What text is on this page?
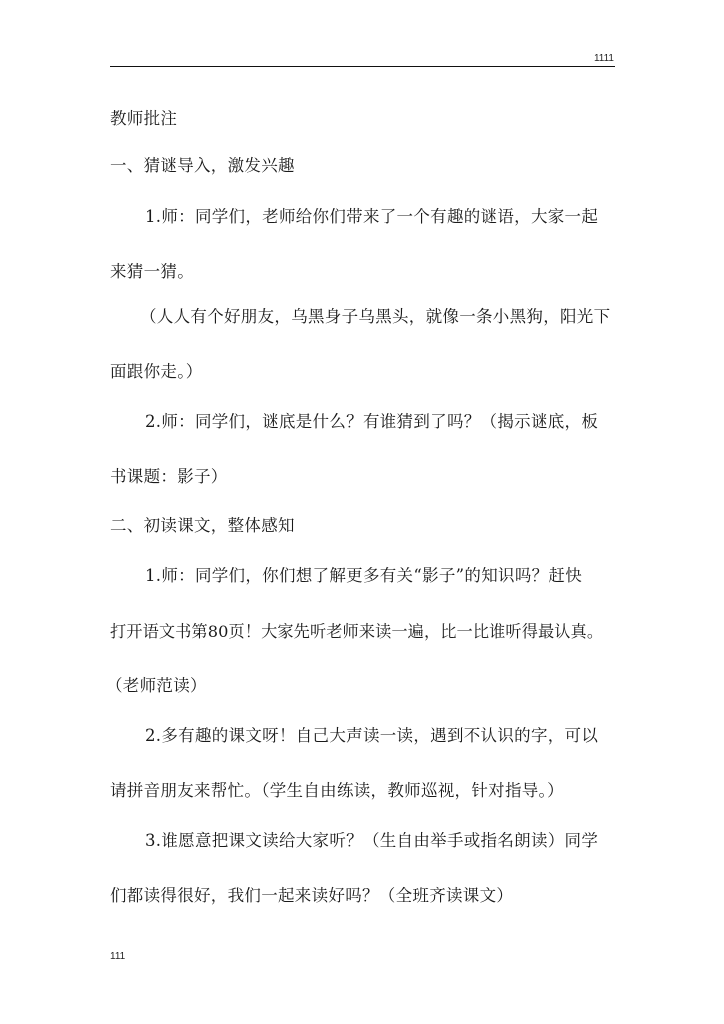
1111
教师批注
一、猜谜导入，激发兴趣
1.师：同学们，老师给你们带来了一个有趣的谜语，大家一起
来猜一猜。
（人人有个好朋友，乌黑身子乌黑头，就像一条小黑狗，阳光下
面跟你走。）
2.师：同学们，谜底是什么？有谁猜到了吗？（揭示谜底，板
书课题：影子）
二、初读课文，整体感知
1.师：同学们，你们想了解更多有关“影子”的知识吗？赶快
打开语文书第80页！大家先听老师来读一遍，比一比谁听得最认真。
（老师范读）
2.多有趣的课文呀！自己大声读一读，遇到不认识的字，可以
请拼音朋友来帮忙。（学生自由练读，教师巡视，针对指导。）
3.谁愿意把课文读给大家听？（生自由举手或指名朗读）同学
们都读得很好，我们一起来读好吗？（全班齐读课文）
111
